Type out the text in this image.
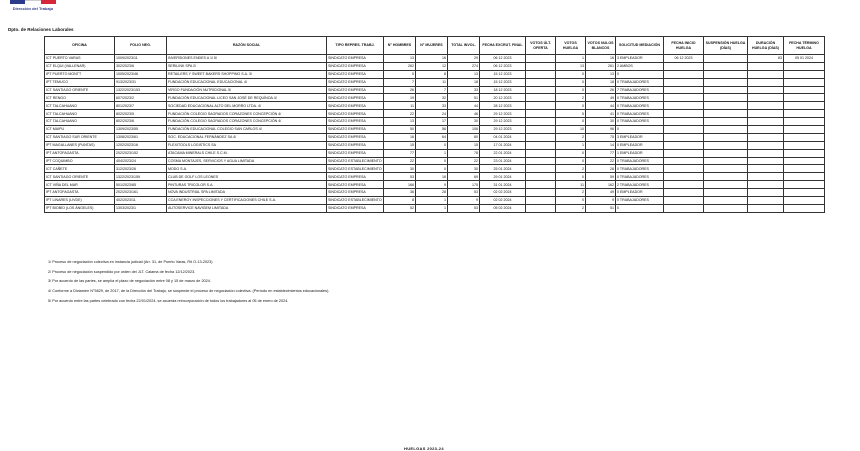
Dirección del Trabajo
Dpto. de Relaciones Laborales
OFICINA	FOLIO NEG.	RAZÓN SOCIAL	TIPO REPRES. TRABJ.	N° HOMBRES	N° MUJERES	TOTAL INVOL.	FECHA EXCRUT. FINAL	VOTOS ÚLT. OFERTA	VOTOS HUELGA	VOTOS NULOS BLANCOS	SOLICITUD MEDIACIÓN	FECHA INICIO HUELGA	SUSPENSIÓN HUELGA (DÍAS)	DURACIÓN HUELGA (DÍAS)	FECHA TÉRMINO HUELGA
ICT PUERTO VARAS	1009/2023/11	INVERSIONES ENDES A 1/ 5/	SINDICATO EMPRESA	13	16	29	06 12 2023		1	16	3 EMPLEADOR	06 12 2023		83	05 01 2024
ICT ELQUI (VALLENAR)	302/2023/6	SERILINK SPA 2/	SINDICATO EMPRESA	262	12	274	06 12 2023		13	261	2 AMBOS				
IPT PUERTO MONTT	1005/2023/46	RETAILERS Y SWEET BAKERS SHOPPING S.A. 3/	SINDICATO EMPRESA	5	8	13	15 12 2023		0	13	0				
IPT TEMUCO	913/2023/31	FUNDACIÓN EDUCACIONAL EDUCACIONAL 4/	SINDICATO EMPRESA	7	11	18	15 12 2023		0	18	0 TRABAJADORES				
ICT SANTIAGO ORIENTE	1322/2023/153	VIRGO FUNDACIÓN NUTRICIONAL 5/	SINDICATO EMPRESA	26	7	33	18 12 2023		0	26	7 TRABAJADORES				
ICT RENGO	607/2023/2	FUNDACIÓN EDUCACIONAL LICEO SAN JOSÉ DE REQUÍNOA 4/	SINDICATO EMPRESA	19	32	51	20 12 2023		2	49	0 TRABAJADORES				
ICT TALCAHUANO	801/2023/7	SOCIEDAD EDUCACIONAL ALTO DEL MORRO LTDA. 4/	SINDICATO EMPRESA	11	33	44	28 12 2023		0	44	0 TRABAJADORES				
ICT TALCAHUANO	802/2023/5	FUNDACIÓN COLEGIO SAGRADOS CORAZONES CONCEPCIÓN 4/	SINDICATO EMPRESA	22	24	46	29 12 2023		5	41	0 TRABAJADORES				
ICT TALCAHUANO	802/2023/6	FUNDACIÓN COLEGIO SAGRADOS CORAZONES CONCEPCIÓN 4/	SINDICATO EMPRESA	13	17	30	29 12 2023		0	30	0 TRABAJADORES				
ICT MAIPU	1309/2023/55	FUNDACIÓN EDUCACIONAL COLEGIO SAN CARLOS 4/	SINDICATO EMPRESA	50	56	106	29 12 2023		10	96	0				
ICT SANTIAGO SUR ORIENTE	1308/2023/61	SOC. EDUCACIONAL FERNÁNDEZ SA 4/	SINDICATO EMPRESA	16	64	80	04 01 2024		2	75	3 EMPLEADOR				
IPT MAGALLANES (PUNTAS)	1202/2023/16	FLEXITOOLS LOGISTICS SA	SINDICATO EMPRESA	15	0	15	17 01 2024		1	14	0 EMPLEADOR				
IPT ANTOFAGASTA	202/2023/152	ATACAMA MINERALS CHILE S.C.M.	SINDICATO EMPRESA	77	1	78	22 01 2024		0	77	1 EMPLEADOR				
IPT COQUIMBO	404/2023/24	COSMA MONTAJES, SERVICIOS Y AGUA LIMITADA	SINDICATO ESTABLECIMIENTO	22	0	22	23 01 2024		0	22	0 TRABAJADORES				
ICT CAÑETE	312/2023/26	MODO S.A.	SINDICATO ESTABLECIMIENTO	30	0	30	25 01 2024		2	28	0 TRABAJADORES				
ICT SANTIAGO ORIENTE	1322/2023/159	CLUB DE GOLF LOS LEONES	SINDICATO EMPRESA	53	16	69	29 01 2024		0	59	0 TRABAJADORES				
ICT VIÑA DEL MAR	501/2023/85	PINTURAS TRICOLOR S.A.	SINDICATO EMPRESA	166	9	175	31 01 2024		11	162	2 TRABAJADORES				
IPT ANTOFAGASTA	202/2023/161	NOVA INDUSTRIAL SPA LIMITADA	SINDICATO EMPRESA	36	28	53	02 02 2024		2	49	0 EMPLEADOR				
IPT LINARES (LIVDE)	402/2023/11	CCA ENERGY INSPECCIONES Y CERTIFICACIONES CHILE S.A.	SINDICATO ESTABLECIMIENTO	8	1	9	02 02 2024		0	9	0 TRABAJADORES				
IPT BIOBÍO (LOS ÁNGELES)	1303/2023/1	AUTOSERVICE NAVIGEM LIMITADA	SINDICATO EMPRESA	52	1	53	05 02 2024		2	51	0				
1/ Proceso de negociación colectiva en instancia judicial (Arr. 31, de Puerto Varas, Rit O-13-2023)
2/ Proceso de negociación suspendido por orden del JLT. Calama de fecha 12/12/2023.
3/ Por acuerdo de las partes, se amplía el plazo de negociación entre 08 y 15 de marzo de 2024.
4/ Conforme a Dictamen N°5829, de 2017, de la Dirección del Trabajo, se suspende el proceso de negociación colectiva. (Período en establecimientos educacionales).
5/ Por acuerdo entre las partes celebrado con fecha 22/01/2024, se acuerda reincorporación de todos los trabajadores al 05 de enero de 2024.
HUELGAS 2023-24
